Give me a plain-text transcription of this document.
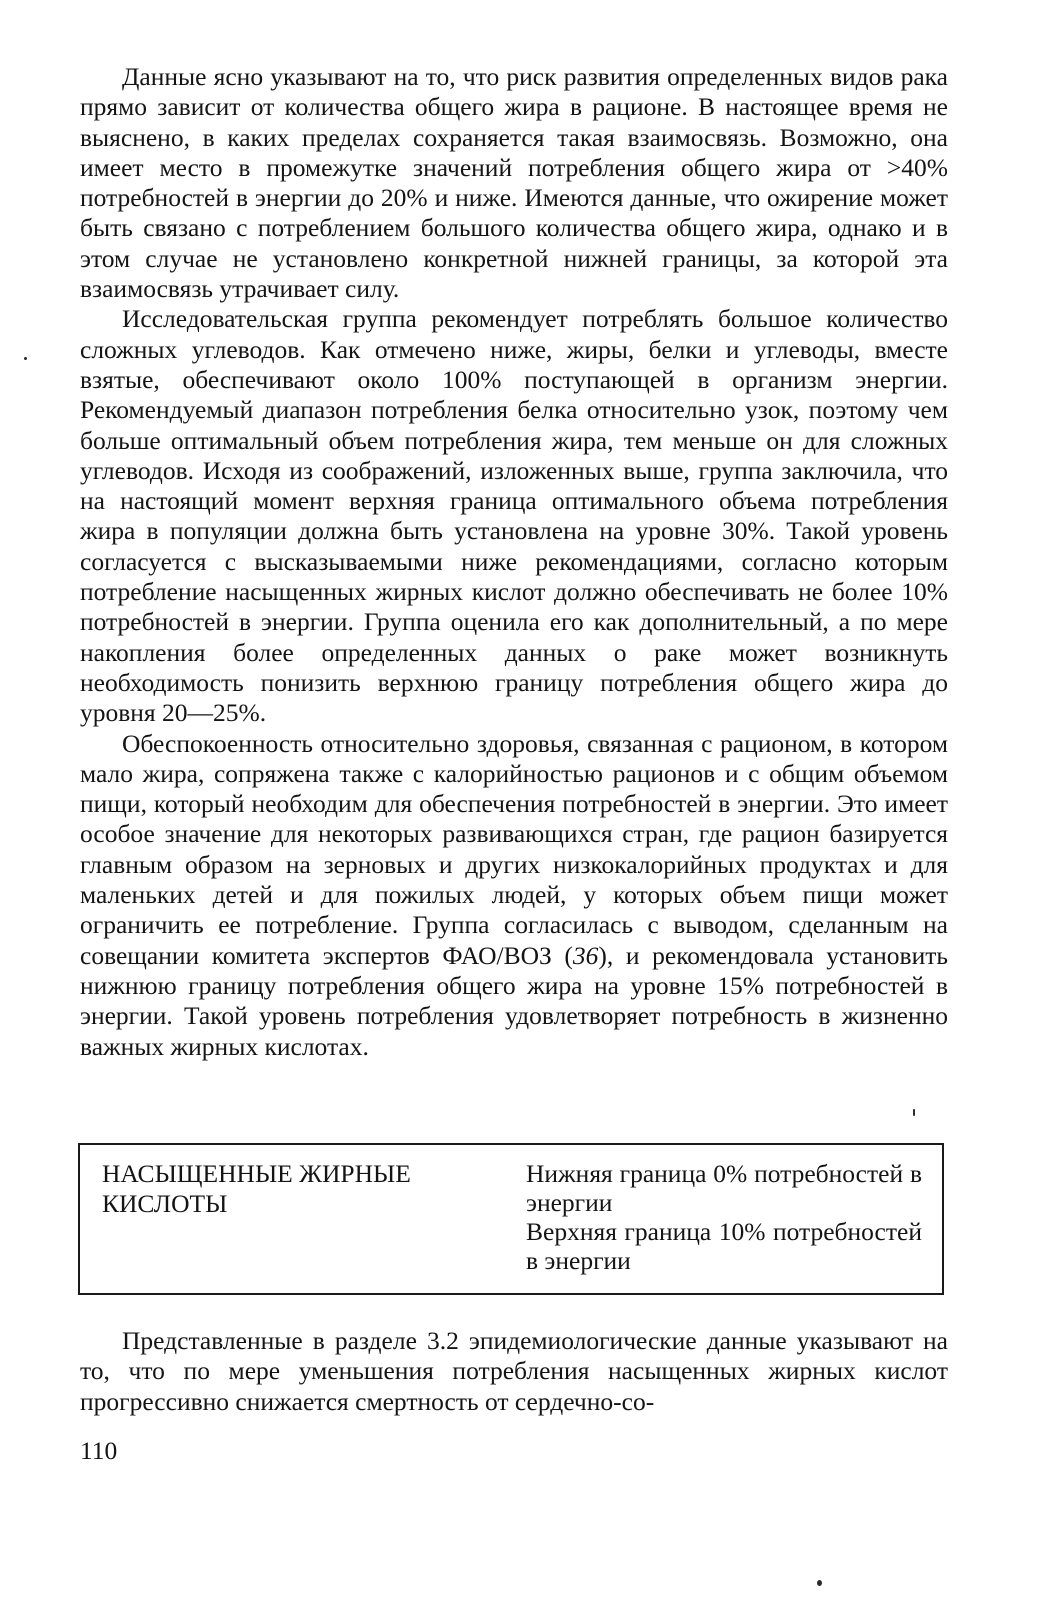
Данные ясно указывают на то, что риск развития определенных видов рака прямо зависит от количества общего жира в рационе. В настоящее время не выяснено, в каких пределах сохраняется такая взаимосвязь. Возможно, она имеет место в промежутке значений потребления общего жира от >40% потребностей в энергии до 20% и ниже. Имеются данные, что ожирение может быть связано с потреблением большого количества общего жира, однако и в этом случае не установлено конкретной нижней границы, за которой эта взаимосвязь утрачивает силу.

Исследовательская группа рекомендует потреблять большое количество сложных углеводов. Как отмечено ниже, жиры, белки и углеводы, вместе взятые, обеспечивают около 100% поступающей в организм энергии. Рекомендуемый диапазон потребления белка относительно узок, поэтому чем больше оптимальный объем потребления жира, тем меньше он для сложных углеводов. Исходя из соображений, изложенных выше, группа заключила, что на настоящий момент верхняя граница оптимального объема потребления жира в популяции должна быть установлена на уровне 30%. Такой уровень согласуется с высказываемыми ниже рекомендациями, согласно которым потребление насыщенных жирных кислот должно обеспечивать не более 10% потребностей в энергии. Группа оценила его как дополнительный, а по мере накопления более определенных данных о раке может возникнуть необходимость понизить верхнюю границу потребления общего жира до уровня 20—25%.

Обеспокоенность относительно здоровья, связанная с рационом, в котором мало жира, сопряжена также с калорийностью рационов и с общим объемом пищи, который необходим для обеспечения потребностей в энергии. Это имеет особое значение для некоторых развивающихся стран, где рацион базируется главным образом на зерновых и других низкокалорийных продуктах и для маленьких детей и для пожилых людей, у которых объем пищи может ограничить ее потребление. Группа согласилась с выводом, сделанным на совещании комитета экспертов ФАО/ВОЗ (36), и рекомендовала установить нижнюю границу потребления общего жира на уровне 15% потребностей в энергии. Такой уровень потребления удовлетворяет потребность в жизненно важных жирных кислотах.

НАСЫЩЕННЫЕ ЖИРНЫЕ КИСЛОТЫ

Нижняя граница 0% потребностей в энергии

Верхняя граница 10% потребностей в энергии

Представленные в разделе 3.2 эпидемиологические данные указывают на то, что по мере уменьшения потребления насыщенных жирных кислот прогрессивно снижается смертность от сердечно-со-

110
